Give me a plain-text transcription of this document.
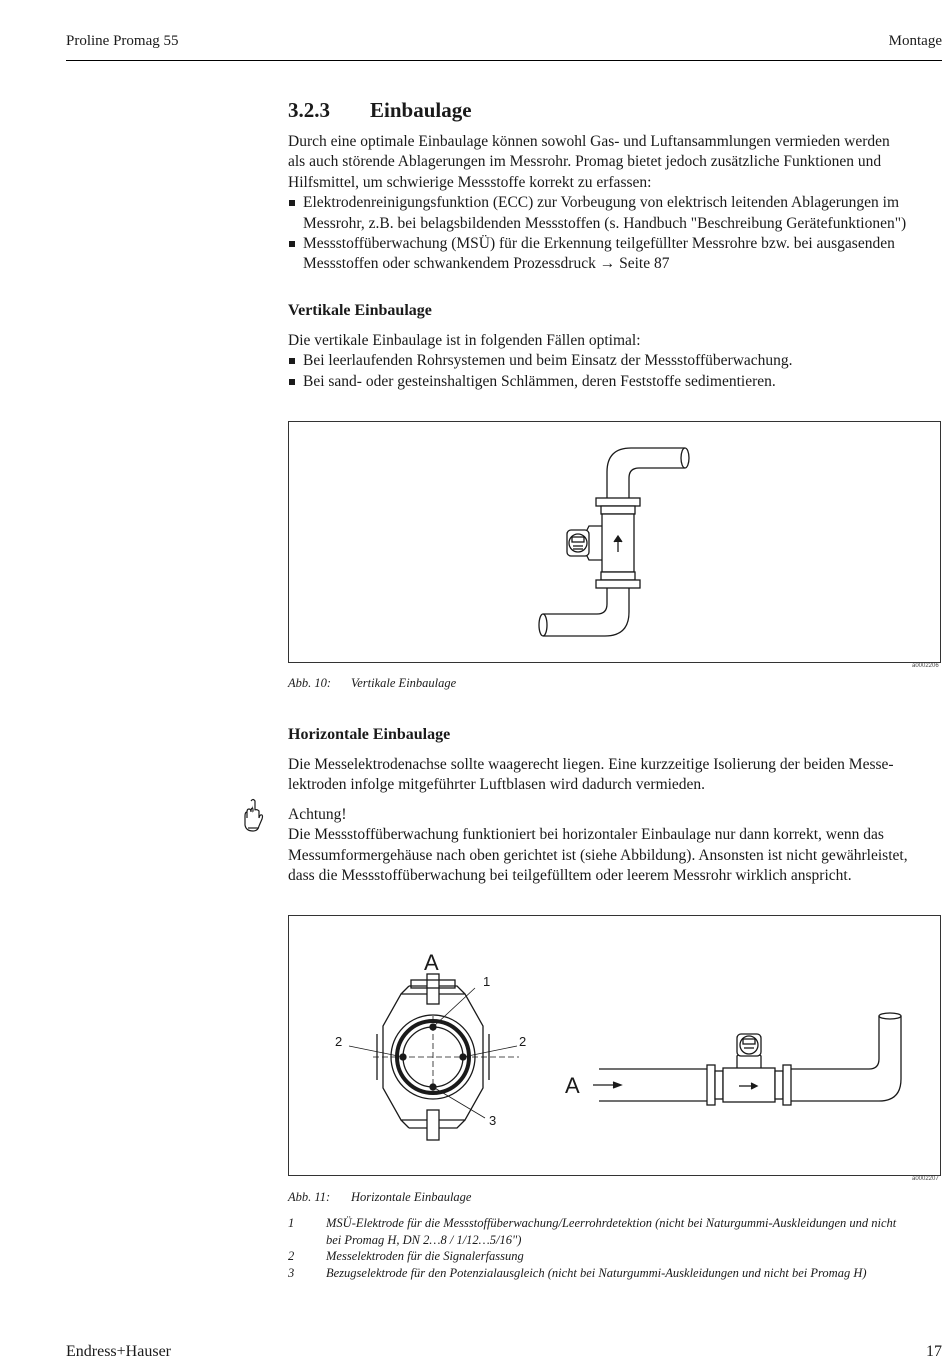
Proline Promag 55	Montage
3.2.3 Einbaulage
Durch eine optimale Einbaulage können sowohl Gas- und Luftansammlungen vermieden werden
als auch störende Ablagerungen im Messrohr. Promag bietet jedoch zusätzliche Funktionen und
Hilfsmittel, um schwierige Messstoffe korrekt zu erfassen:
Elektrodenreinigungsfunktion (ECC) zur Vorbeugung von elektrisch leitenden Ablagerungen im
Messrohr, z.B. bei belagsbildenden Messstoffen (s. Handbuch "Beschreibung Gerätefunktionen")
Messstoffüberwachung (MSÜ) für die Erkennung teilgefüllter Messrohre bzw. bei ausgasenden
Messstoffen oder schwankendem Prozessdruck → Seite 87
Vertikale Einbaulage
Die vertikale Einbaulage ist in folgenden Fällen optimal:
Bei leerlaufenden Rohrsystemen und beim Einsatz der Messstoffüberwachung.
Bei sand- oder gesteinshaltigen Schlämmen, deren Feststoffe sedimentieren.
a0002206
Abb. 10: Vertikale Einbaulage
Horizontale Einbaulage
Die Messelektrodenachse sollte waagerecht liegen. Eine kurzzeitige Isolierung der beiden Messe-
lektroden infolge mitgeführter Luftblasen wird dadurch vermieden.
Achtung!
Die Messstoffüberwachung funktioniert bei horizontaler Einbaulage nur dann korrekt, wenn das
Messumformergehäuse nach oben gerichtet ist (siehe Abbildung). Ansonsten ist nicht gewährleistet,
dass die Messstoffüberwachung bei teilgefülltem oder leerem Messrohr wirklich anspricht.
A
1
2	2
3
A
a0002207
Abb. 11: Horizontale Einbaulage
1	MSÜ-Elektrode für die Messstoffüberwachung/Leerrohrdetektion (nicht bei Naturgummi-Auskleidungen und nicht
bei Promag H, DN 2…8 / 1/12…5/16")
2	Messelektroden für die Signalerfassung
3	Bezugselektrode für den Potenzialausgleich (nicht bei Naturgummi-Auskleidungen und nicht bei Promag H)
Endress+Hauser	17
